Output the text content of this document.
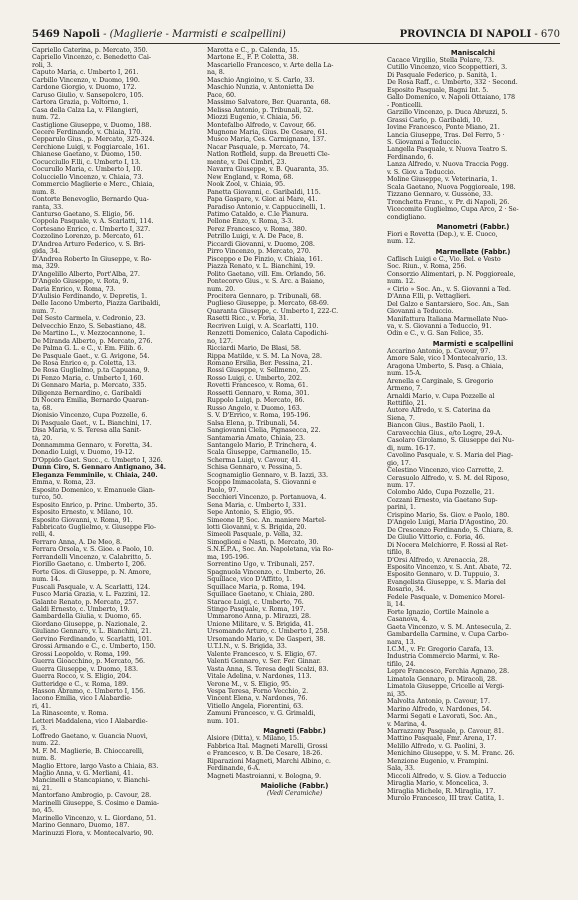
5469 Napoli - (Maglierie - Marmisti e scalpellini)	PROVINCIA DI NAPOLI - 670
Capriello Caterina, p. Mercato, 350.
Capriello Vincenzo, c. Benedetto Cai-
roli, 3.
Caputo Maria, c. Umberto I, 261.
Carbillo Vincenzo, v. Duomo, 190.
Cardone Giorgio, v. Duomo, 172.
Caruso Giulio, v. Sansepolcro, 105.
Cartora Grazia, p. Voltorno, 1.
Casa della Calza La, v. Filangieri,
num. 72.
Castiglione Giuseppe, v. Duomo, 188.
Cecere Ferdinando, v. Chiaia, 170.
Cepparulo Gius., p. Mercato, 325-324.
Cerchione Luigi, v. Foggiarcale, 161.
Chianese Gaetano, v. Duomo, 150.
Cocucciullo F.lli, c. Umberto I, 13.
Cocurullo Maria, c. Umberto I, 10.
Colucciello Vincenzo, v. Chiaia, 73.
Commercio Maglierie e Merc., Chiaia,
num. 8.
Contorte Benevoglio, Bernardo Qua-
ranta, 33.
Canturso Gaetano, S. Eligio, 56.
Coppola Pasquale, v. A. Scarlatti, 114.
Cortesano Enrico, c. Umberto I, 327.
Cozzolino Lorenzo, p. Mercato, 61.
D'Andrea Arturo Federico, v. S. Bri-
gida, 34.
D'Andrea Roberto In Giuseppe, v. Ro-
ma, 329.
D'Angelillo Alberto, Port'Alba, 27.
D'Angelo Giuseppe, v. Rota, 9.
Daria Enrico, v. Roma, 73.
D'Aulisio Ferdinando, v. Depretis, 1.
Delle Iacono Umberto, Piazza Garibaldi,
num. 7.
Del Sesto Carmela, v. Cedronio, 23.
Delvecchio Enzo, S. Sebastiano, 48.
De Martino L., v. Mezzocannone, 1.
De Miranda Alberto, p. Mercato, 276.
De Palma G. L. e C., v. Em. Filib. 6.
De Pasquale Gaet., v. G. Avigone, 54.
De Rosa Enrico e, p. Coletta, 13.
De Rosa Guglielmo, p.ta Capuana, 9.
Di Fenzo Maria, c. Umberto I, 160.
Di Gennaro Maria, p. Mercato, 335.
Diligenza Bernardino, c. Garibaldi
Di Nocera Emilia, Bernardo Quaran-
ta, 68.
Dionisio Vincenzo, Cupa Pozzelle, 6.
Di Pasquale Gaet., v. L. Bianchini, 17.
Disa Maria, v. S. Teresa alla Sanit-
tà, 20.
Donnammma Gennaro, v. Foretta, 34.
Donadio Luigi, v. Duomo, 19-12.
D'Oppido Gaet. Succ., c. Umberto I, 326.
Dunn Ciro, S. Gennaro Antignano, 34.
Eleganza Femminile, v. Chiaia, 240.
Emma, v. Roma, 23.
Esposito Domenico, v. Emanuele Gian-
turco, 50.
Esposito Enrico, p. Princ. Umberto, 35.
Esposito Ernesto, v. Milano, 10.
Esposito Giovanni, v. Roma, 91.
Fabbricato Guglielmo, v. Giuseppe Flo-
relli, 4.
Ferraro Anna, A. De Meo, 8.
Ferrara Orsola, v. S. Gioe. e Paolo, 10.
Ferrandelli Vincenzo, v. Calabritto, 5.
Fiorillo Gaetano, c. Umberto I, 206.
Forte Gios. di Giuseppe, p. N. Amore,
num. 14.
Fuscali Pasquale, v. A. Scarlatti, 124.
Fusco Maria Grazia, v. L. Fazzini, 12.
Galante Renato, p. Mercato, 257.
Galdi Ernesto, c. Umberto, 19.
Gambardella Giulia, v. Duomo, 65.
Giordano Giuseppe, p. Nazionale, 2.
Giuliano Gennaro, v. L. Bianchini, 21.
Gervino Ferdinando, v. Scarlatti, 101.
Grossi Armando e C., c. Umberto, 150.
Grossi Leopoldo, v. Roma, 199.
Guerra Gioacchino, p. Mercato, 56.
Guerra Giuseppe, v. Duomo, 183.
Guerra Rocco, v. S. Eligio, 204.
Gutteridge e C., v. Roma, 189.
Hasson Abramo, c. Umberto I, 156.
Iacono Emilia, vico I Alabardie-
ri, 41.
La Rinascente, v. Roma.
Letteri Maddalena, vico I Alabardie-
ri, 3.
Loffredo Gaetano, v. Guancia Nuovi,
num. 22.
M. F. M. Maglierie, B. Chioccarelli,
num. 8.
Maglio Ettore, largo Vasto a Chiaia, 83.
Maglio Anna, v. G. Merliani, 41.
Mancinelli e Stancapiano, v. Bianchi-
ni, 21.
Mantorfano Ambrogio, p. Cavour, 28.
Marinelli Giuseppe, S. Cosimo e Damia-
no, 45.
Marinello Vincenzo, v. L. Giordano, 51.
Marino Gennaro, Duomo, 187.
Marinuzzi Flora, v. Montecalvario, 90.
Marotta e C., p. Calenda, 15.
Martone E., F. P. Coletta, 38.
Mascariello Francesco, v. Arte della La-
na, 8.
Maschio Angioino, v. S. Carlo, 33.
Maschio Nunzia, v. Antonietta De
Pace, 60.
Massimo Salvatore, Ber. Quaranta, 68.
Melissa Antonio, p. Tribunali, 52.
Miozzi Eugenio, v. Chiaia, 56.
Montefalbo Alfredo, v. Cavour, 66.
Mugnone Maria, Gius. De Cesare, 61.
Musco Maria, Ces. Carmignano, 137.
Nacar Pasquale, p. Mercato, 74.
Natlon Rotfleld, supp. da Breuetti Cle-
mente, v. Dei Cimbri, 23.
Navarra Giuseppe, v. B. Quaranta, 35.
New England, v. Roma, 68.
Nook Zool, v. Chiaia, 95.
Panetta Giovanni, c. Garibaldi, 115.
Papa Gaspare, v. Gior. ai Mare, 41.
Paradiso Antonio, v. Cappuccinelli, 1.
Patimo Cataldo, e. C.le Pianura.
Pellone Enzo, v. Roma, 3-3.
Perez Francesco, v. Roma, 380.
Petrillo Luigi, v. A. De Pace, 8.
Piccardi Giovanni, v. Duomo, 208.
Pirro Vincenzo, p. Mercato, 270.
Pisceppo e De Finzio, v. Chiaia, 161.
Piazza Renato, v. L. Bianchini, 19.
Polito Gaetano, vill. Em. Orlando, 56.
Pontecorvo Gius., v. S. Arc. a Baiano,
num. 20.
Procitera Gennaro, p. Tribunali, 68.
Puglieso Giuseppe, p. Mercato, 68-69.
Quaranta Giuseppe, c. Umberto I, 222-C.
Rasetti Ricc., v. Foria, 31.
Recriven Luigi, v. A. Scarlatti, 110.
Renzetti Domenico, Calata Capodichi-
no, 127.
Ricciardi Mario, De Blasi, 58.
Rippa Matilde, v. S. M. La Nova, 28.
Romano Ersilia, Ber. Pessina, 21.
Rossi Giuseppe, v. Sellmeno, 25.
Rosso Luigi, c. Umberto, 202.
Rovetti Francesco, v. Roma, 61.
Rossetti Gennaro, v. Roma, 301.
Ruppolo Luigi, p. Mercato, 86.
Russo Angelo, v. Duomo, 163.
S. V. D'Errico, v. Roma, 195-196.
Salsa Elena, p. Tribunali, 54.
Sangiovanni Clelia, Pignasecca, 22.
Santamaria Amato, Chiaia, 23.
Santangelo Mario, P. Trinchera, 4.
Scala Giuseppe, Carmanello, 15.
Scherma Luigi, v. Cavour, 41.
Schisa Gennaro, v. Pessina, 5.
Scognamiglio Gennaro, v. B. Iazzi, 33.
Scoppo Immacolata, S. Giovanni e
Paolo, 97.
Secchieri Vincenzo, p. Portanuova, 4.
Sena Maria, c. Umberto I, 331.
Sepe Antonio, S. Eligio, 95.
Simeone IP, Soc. An. maniere Martel-
lotti Giovanni, v. S. Brigida, 20.
Simeoli Pasquale, p. Vella, 32.
Simoglioni e Nasti, p. Mercato, 30.
S.N.E.P.A., Soc. An. Napoletana, via Ro-
ma, 195-196.
Sorrentino Ugo, v. Tribunali, 257.
Spagnuola Vincenzo, c. Umberto, 26.
Squillace, vico D'Affitto, 1.
Squillace Maria, p. Roma, 194.
Squillace Gaetano, v. Chiaia, 280.
Starace Luigi, c. Umberto, 76.
Stingo Pasquale, v. Roma, 197.
Ummarono Anna, p. Mirazzi, 28.
Unione Militare, v. S. Brigida, 41.
Ursomando Arturo, c. Umberto I, 258.
Ursomando Mario, v. De Gasperi, 38.
U.T.I.N., v. S. Brigida, 33.
Valente Francesco, v. S. Eligio, 67.
Valenti Gennaro, v. Ser. Fer. Ginnar.
Vasta Anna, S. Teresa degli Scalzi, 83.
Vitale Adelina, v. Nardones, 113.
Verone M., v. S. Eligio, 95.
Vespa Teresa, Forno Vecchio, 2.
Vincent Elena, v. Nardones, 76.
Vitiello Angela, Fiorentini, 63.
Zamuni Francesco, v. G. Grimaldi,
num. 101.
Magneti (Fabbr.)
Alsiore (Ditta), v. Milano, 15.
Fabbrica Ital. Magneti Marelli, Grossi
e Francesco, v. B. De Cesare, 18-26.
Riparazioni Magneti, Marchi Albino, c.
Ferdinande, 6-A.
Magneti Mastroianni, v. Bologna, 9.
Maioliche (Fabbr.)
(Vedi Ceramiche)
Maniscalchi
Cacace Virgilio, Stella Polare, 73.
Cutillo Vincenzo, vico Scoppettieri, 3.
Di Pasquale Federico, p. Sanità, 1.
De Rosa Raff., c. Umberto, 332 · Second.
Esposito Pasquale, Bagni Int. 5.
Gallo Domenico, v. Napoli Ottaiano, 178
- Ponticelli.
Garzillo Vincenzo, p. Duca Abruzzi, 5.
Grassi Carlo, p. Garibaldi, 10.
Iovine Francesco, Ponte Miano, 21.
Lancia Giuseppe, Tras. Del Ferro, 5 ·
S. Giovanni a Teduccio.
Langella Pasquale, v. Nuova Teatro S.
Ferdinando, 6.
Lanza Alfredo, v. Nuova Traccia Pogg.
v. S. Giov. a Teduccio.
Moline Giuseppe, v. Veterinaria, 1.
Scala Gaetano, Nuova Poggioreale, 198.
Tizzano Gennaro, v. Gussone, 33.
Tronchetta Franc., v. Pr. di Napoli, 26.
Vicecomite Guglielmo, Cupa Arco, 2 · Se-
condigliano.
Manometri (Fabbr.)
Fiori e Rovetta (Dep.), v. E. Cuoco,
num. 12.
Marmellate (Fabbr.)
Caflisch Luigi e C., Vio. Bel. e Vesto
Soc. Riun., v. Roma, 256.
Consorzio Alimentari, p. N. Poggioreale,
num. 12.
« Cirio » Soc. An., v. S. Giovanni a Ted.
D'Anna F.lli, p. Vettaglieri.
Del Galzo e Santarsiero, Soc. An., San
Giovanni a Teduccio.
Manifattura Italiana Marmellate Nuo-
va, v. S. Giovanni a Teduccio, 91.
Odin e C., v. G. San Felice, 35.
Marmisti e scalpellini
Accarino Antonio, p. Cavour, 97.
Amore Sale, vico I Montecalvario, 13.
Aragona Umberto, S. Pasq. a Chiaia,
num. 15-A.
Arenella e Carginale, S. Gregorio
Armeno, 7.
Arnaldi Mario, v. Cupa Pozzelle al
Rettifilo, 21.
Autore Alfredo, v. S. Caterina da
Siena, 7.
Biancon Gius., Bastilo Paoli, 1.
Caravecchia Gius., e/to Logre, 29-A.
Casolaro Girolamo, S. Giuseppe dei Nu-
di, num. 16-17.
Cavolino Pasquale, v. S. Maria del Piag-
gio, 17.
Celestino Vincenzo, vico Carrette, 2.
Cerasuolo Alfredo, v. S. M. del Riposo,
num. 17.
Colombo Aldo, Cupa Pozzelle, 21.
Cozzani Ernesto, via Gaetano Sup-
parini, 1.
Crispino Mario, Ss. Giov. e Paolo, 180.
D'Angelo Luigi, Maria D'Agostino, 20.
De Crescenzo Ferdinando, S. Chiara, 8.
De Giulio Vittorio, c. Foria, 46.
Di Nocera Melchiorre, F. Rossi al Ret-
tifilo, 8.
D'Orsi Alfredo, v. Arenaccia, 28.
Esposito Vincenzo, v. S. Ant. Abate, 72.
Esposito Gennaro, v. D. Tuppuio, 3.
Evangelista Giuseppe, v. S. Maria del
Rosario, 34.
Fedele Pasquale, v. Domenico Morel-
li, 14.
Forte Ignazio, Cortile Mainole a
Casanova, 4.
Gaeta Vincenzo, v. S. M. Antesecula, 2.
Gambardella Carmine, v. Cupa Carbo-
nara, 13.
I.C.M., v. Fr. Gregorio Carafa, 13.
Industria Commercio Marmi, v. Re-
tifilo, 24.
Lepre Francesco, Ferchia Agnano, 28.
Limatola Gennaro, p. Miracoli, 28.
Limatola Giuseppe, Cricelle ai Vergi-
ni, 35.
Malvolta Antonio, p. Cavour, 17.
Marino Alfredo, v. Nardones, 54.
Marmi Segati e Lavorati, Soc. An.,
v. Marina, 4.
Marrazzony Pasquale, p. Cavour, 81.
Mattino Pasquale, Fmr. Arena, 17.
Melillo Alfredo, v. G. Paolini, 3.
Menichino Giuseppe, v. S. M. Franc. 26.
Menzione Eugenio, v. Frampini.
Sala, 33.
Miccoli Alfredo, v. S. Giov. a Teduccio
Miraglia Mario, v. Moncelica, 3.
Miraglia Michele, R. Miraglia, 17.
Murolo Francesco, III trav. Catita, 1.
